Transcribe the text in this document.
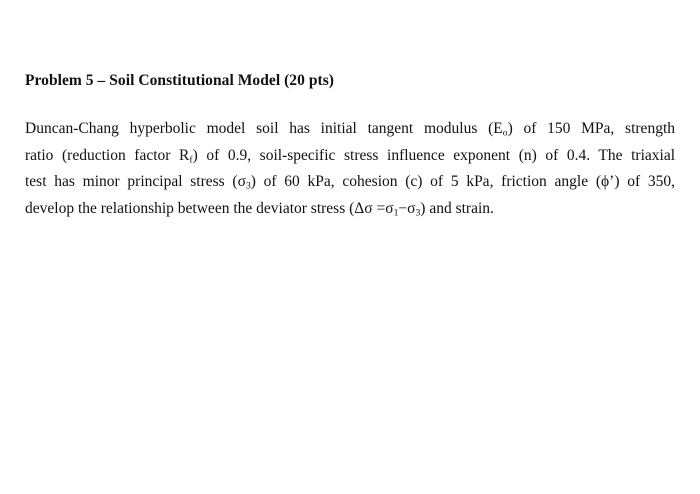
Problem 5 – Soil Constitutional Model (20 pts)
Duncan-Chang hyperbolic model soil has initial tangent modulus $(E_o)$ of 150 MPa, strength
ratio (reduction factor $R_f$) of 0.9, soil-specific stress influence exponent (n) of 0.4. The triaxial
test has minor principal stress $(\sigma_3)$ of 60 kPa, cohesion (c) of 5 kPa, friction angle (ϕ’) of 350,
develop the relationship between the deviator stress $(\Delta\sigma =\sigma_1-\sigma_3)$ and strain.
